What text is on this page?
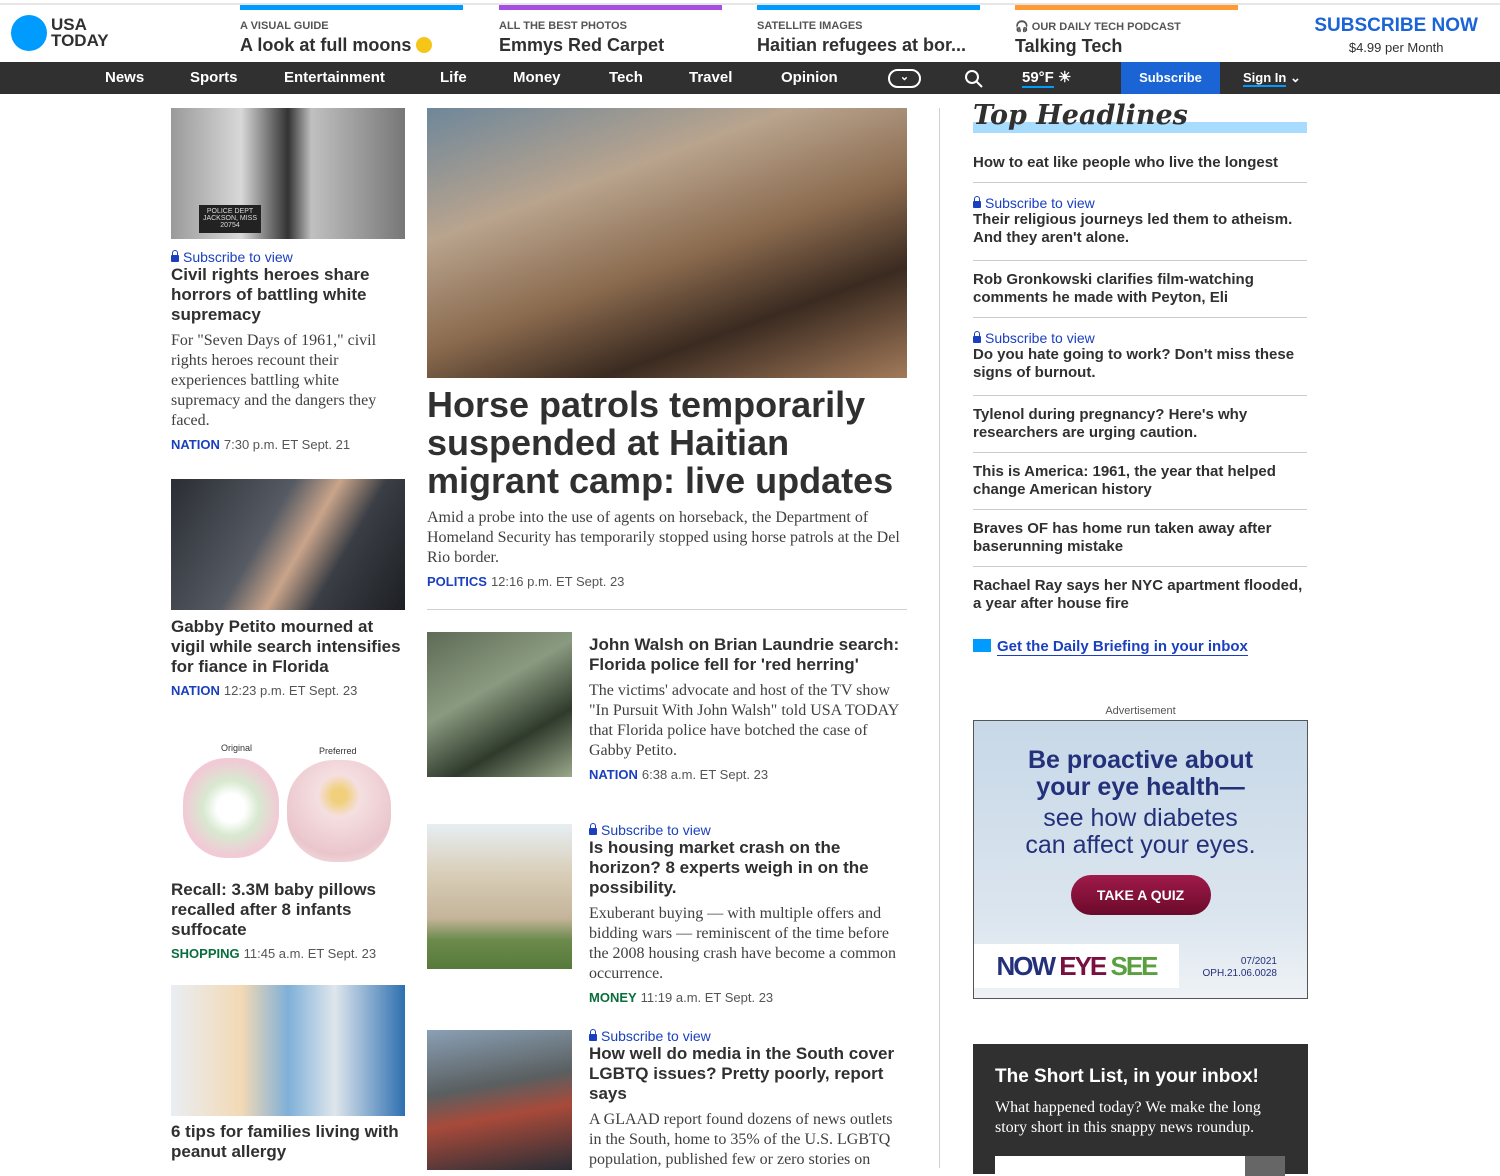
USA
TODAY
A VISUAL GUIDE
A look at full moons
ALL THE BEST PHOTOS
Emmys Red Carpet
SATELLITE IMAGES
Haitian refugees at bor...
🎧 OUR DAILY TECH PODCAST
Talking Tech
SUBSCRIBE NOW
$4.99 per Month
News	Sports	Entertainment	Life	Money	Tech	Travel	Opinion	⌄	59°F ☀	Subscribe	Sign In ⌄
POLICE DEPT JACKSON, MISS 20754
Subscribe to view
Civil rights heroes share horrors of battling white supremacy
For "Seven Days of 1961," civil rights heroes recount their experiences battling white supremacy and the dangers they faced.
NATION 7:30 p.m. ET Sept. 21
Gabby Petito mourned at vigil while search intensifies for fiance in Florida
NATION 12:23 p.m. ET Sept. 23
Original	Preferred
Recall: 3.3M baby pillows recalled after 8 infants suffocate
SHOPPING 11:45 a.m. ET Sept. 23
6 tips for families living with peanut allergy
Horse patrols temporarily suspended at Haitian migrant camp: live updates
Amid a probe into the use of agents on horseback, the Department of Homeland Security has temporarily stopped using horse patrols at the Del Rio border.
POLITICS 12:16 p.m. ET Sept. 23
John Walsh on Brian Laundrie search: Florida police fell for 'red herring'
The victims' advocate and host of the TV show "In Pursuit With John Walsh" told USA TODAY that Florida police have botched the case of Gabby Petito.
NATION 6:38 a.m. ET Sept. 23
Subscribe to view
Is housing market crash on the horizon? 8 experts weigh in on the possibility.
Exuberant buying — with multiple offers and bidding wars — reminiscent of the time before the 2008 housing crash have become a common occurrence.
MONEY 11:19 a.m. ET Sept. 23
Subscribe to view
How well do media in the South cover LGBTQ issues? Pretty poorly, report says
A GLAAD report found dozens of news outlets in the South, home to 35% of the U.S. LGBTQ population, published few or zero stories on
Top Headlines
How to eat like people who live the longest
Subscribe to view
Their religious journeys led them to atheism. And they aren't alone.
Rob Gronkowski clarifies film-watching comments he made with Peyton, Eli
Subscribe to view
Do you hate going to work? Don't miss these signs of burnout.
Tylenol during pregnancy? Here's why researchers are urging caution.
This is America: 1961, the year that helped change American history
Braves OF has home run taken away after baserunning mistake
Rachael Ray says her NYC apartment flooded, a year after house fire
Get the Daily Briefing in your inbox
Advertisement
Be proactive about
your eye health—
see how diabetes
can affect your eyes.
TAKE A QUIZ
NOW EYE SEE	07/2021
OPH.21.06.0028
The Short List, in your inbox!
What happened today? We make the long story short in this snappy news roundup.
